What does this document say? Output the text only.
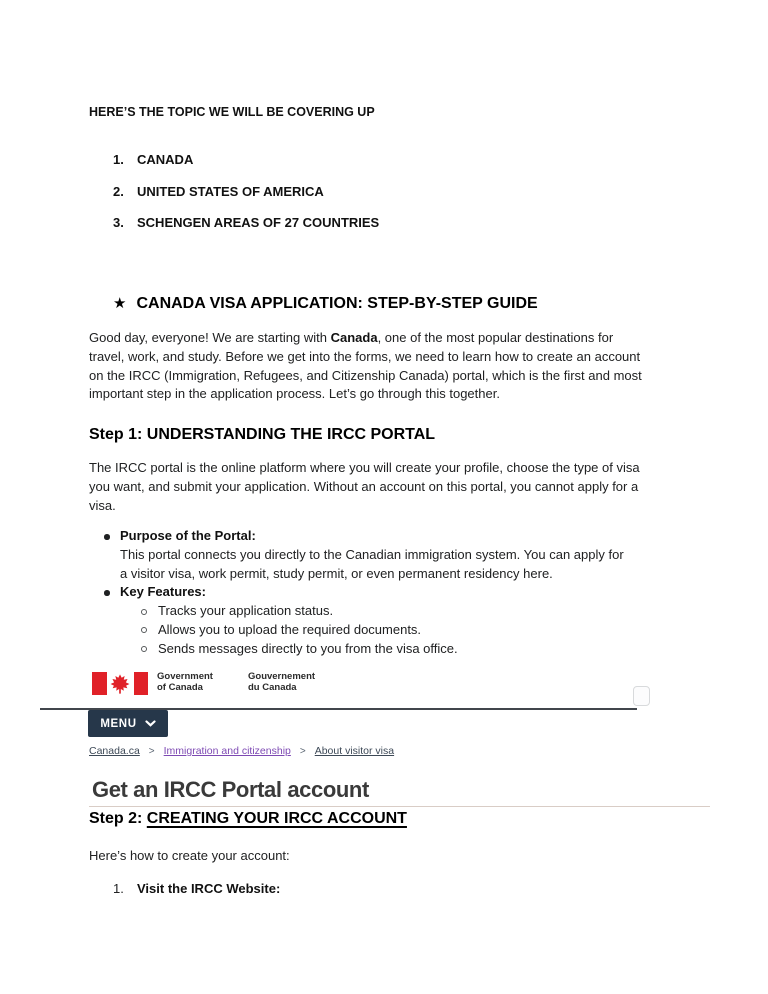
HERE’S THE TOPIC WE WILL BE COVERING UP
1.	CANADA
2.	UNITED STATES OF AMERICA
3.	SCHENGEN AREAS OF 27 COUNTRIES
★ CANADA VISA APPLICATION: STEP-BY-STEP GUIDE
Good day, everyone! We are starting with Canada, one of the most popular destinations for
travel, work, and study. Before we get into the forms, we need to learn how to create an account
on the IRCC (Immigration, Refugees, and Citizenship Canada) portal, which is the first and most
important step in the application process. Let’s go through this together.
Step 1: UNDERSTANDING THE IRCC PORTAL
The IRCC portal is the online platform where you will create your profile, choose the type of visa
you want, and submit your application. Without an account on this portal, you cannot apply for a
visa.
Purpose of the Portal:
This portal connects you directly to the Canadian immigration system. You can apply for
a visitor visa, work permit, study permit, or even permanent residency here.
Key Features:
Tracks your application status.
Allows you to upload the required documents.
Sends messages directly to you from the visa office.
Government
of Canada
Gouvernement
du Canada
MENU
Canada.ca > Immigration and citizenship > About visitor visa
Get an IRCC Portal account
Step 2: CREATING YOUR IRCC ACCOUNT
Here’s how to create your account:
1.	Visit the IRCC Website:
